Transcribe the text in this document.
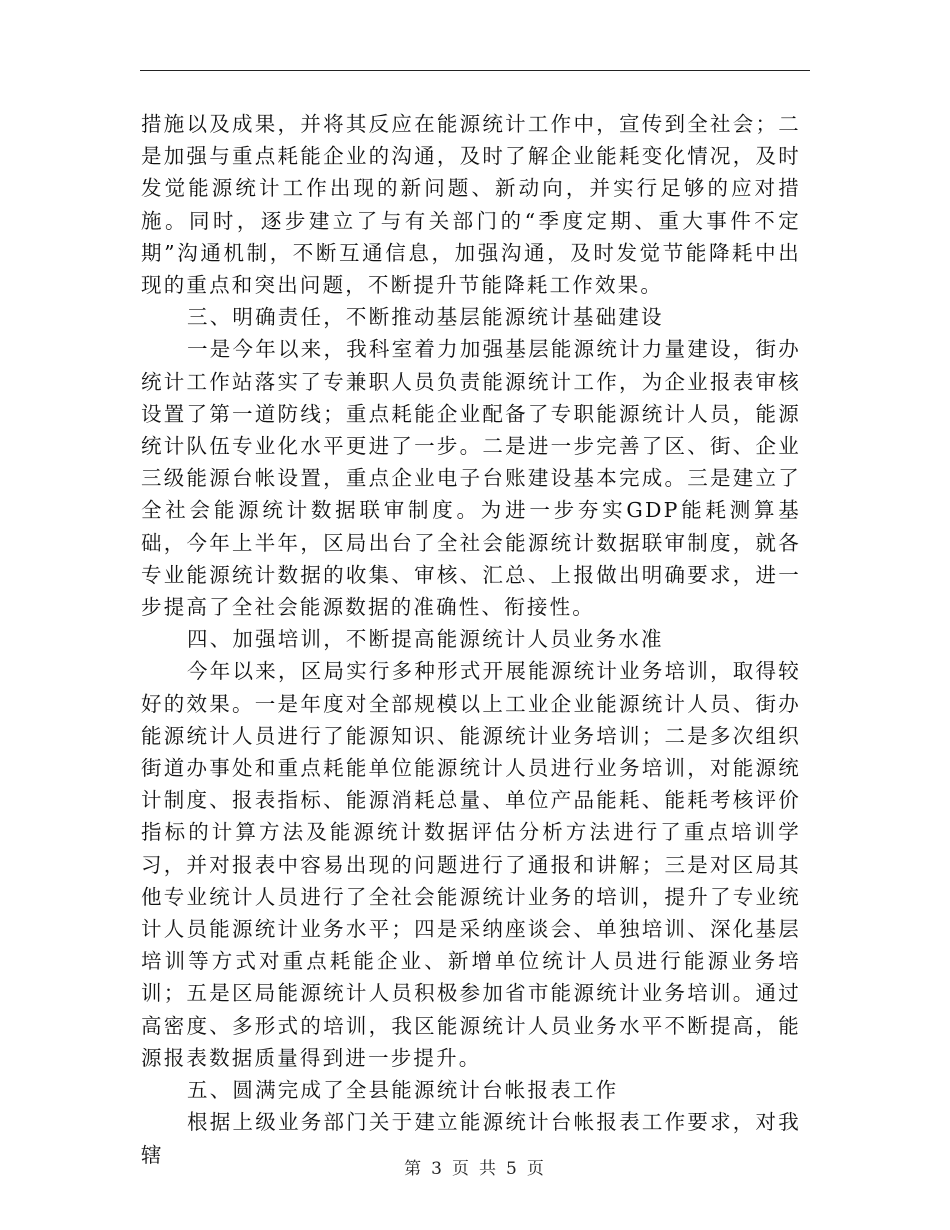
措施以及成果，并将其反应在能源统计工作中，宣传到全社会；二是加强与重点耗能企业的沟通，及时了解企业能耗变化情况，及时发觉能源统计工作出现的新问题、新动向，并实行足够的应对措施。同时，逐步建立了与有关部门的“季度定期、重大事件不定期”沟通机制，不断互通信息，加强沟通，及时发觉节能降耗中出现的重点和突出问题，不断提升节能降耗工作效果。

三、明确责任，不断推动基层能源统计基础建设

一是今年以来，我科室着力加强基层能源统计力量建设，街办统计工作站落实了专兼职人员负责能源统计工作，为企业报表审核设置了第一道防线；重点耗能企业配备了专职能源统计人员，能源统计队伍专业化水平更进了一步。二是进一步完善了区、街、企业三级能源台帐设置，重点企业电子台账建设基本完成。三是建立了全社会能源统计数据联审制度。为进一步夯实GDP能耗测算基础，今年上半年，区局出台了全社会能源统计数据联审制度，就各专业能源统计数据的收集、审核、汇总、上报做出明确要求，进一步提高了全社会能源数据的准确性、衔接性。

四、加强培训，不断提高能源统计人员业务水准

今年以来，区局实行多种形式开展能源统计业务培训，取得较好的效果。一是年度对全部规模以上工业企业能源统计人员、街办能源统计人员进行了能源知识、能源统计业务培训；二是多次组织街道办事处和重点耗能单位能源统计人员进行业务培训，对能源统计制度、报表指标、能源消耗总量、单位产品能耗、能耗考核评价指标的计算方法及能源统计数据评估分析方法进行了重点培训学习，并对报表中容易出现的问题进行了通报和讲解；三是对区局其他专业统计人员进行了全社会能源统计业务的培训，提升了专业统计人员能源统计业务水平；四是采纳座谈会、单独培训、深化基层培训等方式对重点耗能企业、新增单位统计人员进行能源业务培训；五是区局能源统计人员积极参加省市能源统计业务培训。通过高密度、多形式的培训，我区能源统计人员业务水平不断提高，能源报表数据质量得到进一步提升。

五、圆满完成了全县能源统计台帐报表工作

根据上级业务部门关于建立能源统计台帐报表工作要求，对我辖

第 3 页 共 5 页
